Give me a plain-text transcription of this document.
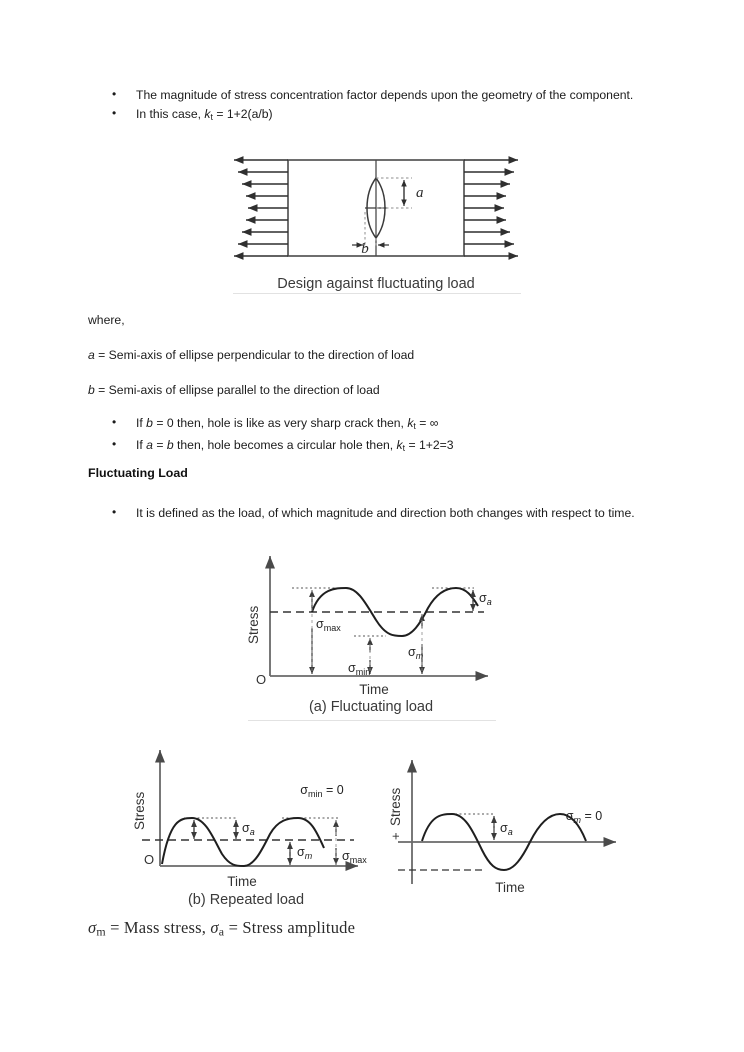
• The magnitude of stress concentration factor depends upon the geometry of the component.
• In this case, $k_t = 1+2(a/b)$
a
b
Design against fluctuating load

where,

a = Semi-axis of ellipse perpendicular to the direction of load

b = Semi-axis of ellipse parallel to the direction of load

• If b = 0 then, hole is like as very sharp crack then, $k_t$ = ∞
• If a = b then, hole becomes a circular hole then, $k_t = 1+2=3$

Fluctuating Load

• It is defined as the load, of which magnitude and direction both changes with respect to time.
$\sigma_{max}$
$\sigma_{min}$
$\sigma_m$
$\sigma_a$
Stress
O
Time
(a) Fluctuating load
$\sigma_a$
$\sigma_m$ $\sigma_{max}$
$\sigma_{min} = 0$
Stress
O
Time
(b) Repeated load
$\sigma_a$
$\sigma_m = 0$
Stress
+
Time

$\sigma_m$ = Mass stress, $\sigma_a$ = Stress amplitude
